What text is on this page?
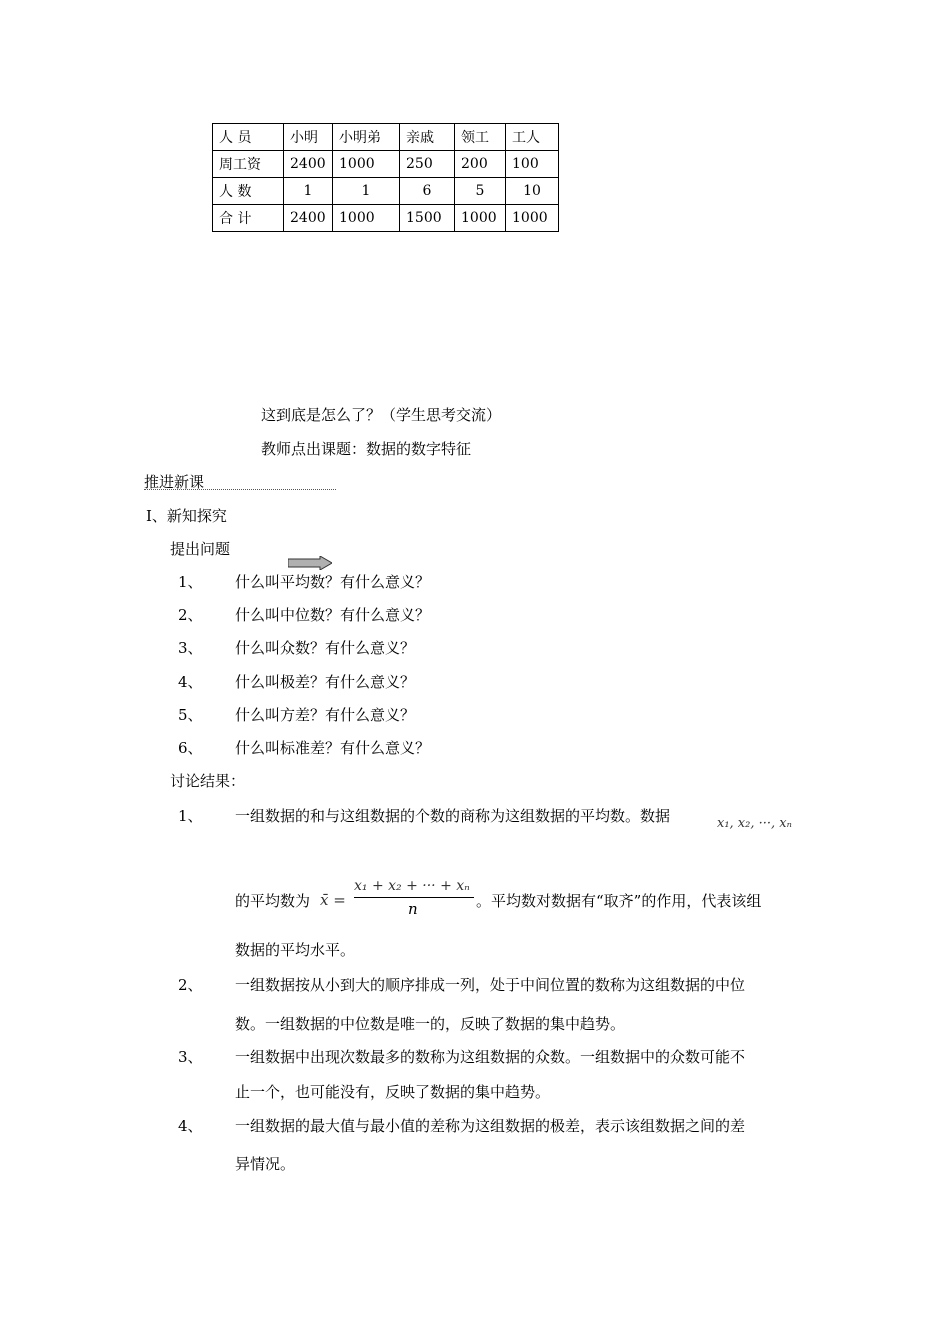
人 员	小明	小明弟	亲戚	领工	工人
周工资	2400	1000	250	200	100
人 数	1	1	6	5	10
合 计	2400	1000	1500	1000	1000
这到底是怎么了？（学生思考交流）
教师点出课题：数据的数字特征
推进新课
Ⅰ、新知探究
提出问题
1、 什么叫平均数？有什么意义？
2、 什么叫中位数？有什么意义？
3、 什么叫众数？有什么意义？
4、 什么叫极差？有什么意义？
5、 什么叫方差？有什么意义？
6、 什么叫标准差？有什么意义？
讨论结果：
1、 一组数据的和与这组数据的个数的商称为这组数据的平均数。数据	x₁, x₂, ···, xₙ
的平均数为 x̄ =
x₁ + x₂ + ··· + xₙ
n	。平均数对数据有“取齐”的作用，代表该组
数据的平均水平。
2、 一组数据按从小到大的顺序排成一列，处于中间位置的数称为这组数据的中位
数。一组数据的中位数是唯一的，反映了数据的集中趋势。
3、 一组数据中出现次数最多的数称为这组数据的众数。一组数据中的众数可能不
止一个，也可能没有，反映了数据的集中趋势。
4、 一组数据的最大值与最小值的差称为这组数据的极差，表示该组数据之间的差
异情况。
